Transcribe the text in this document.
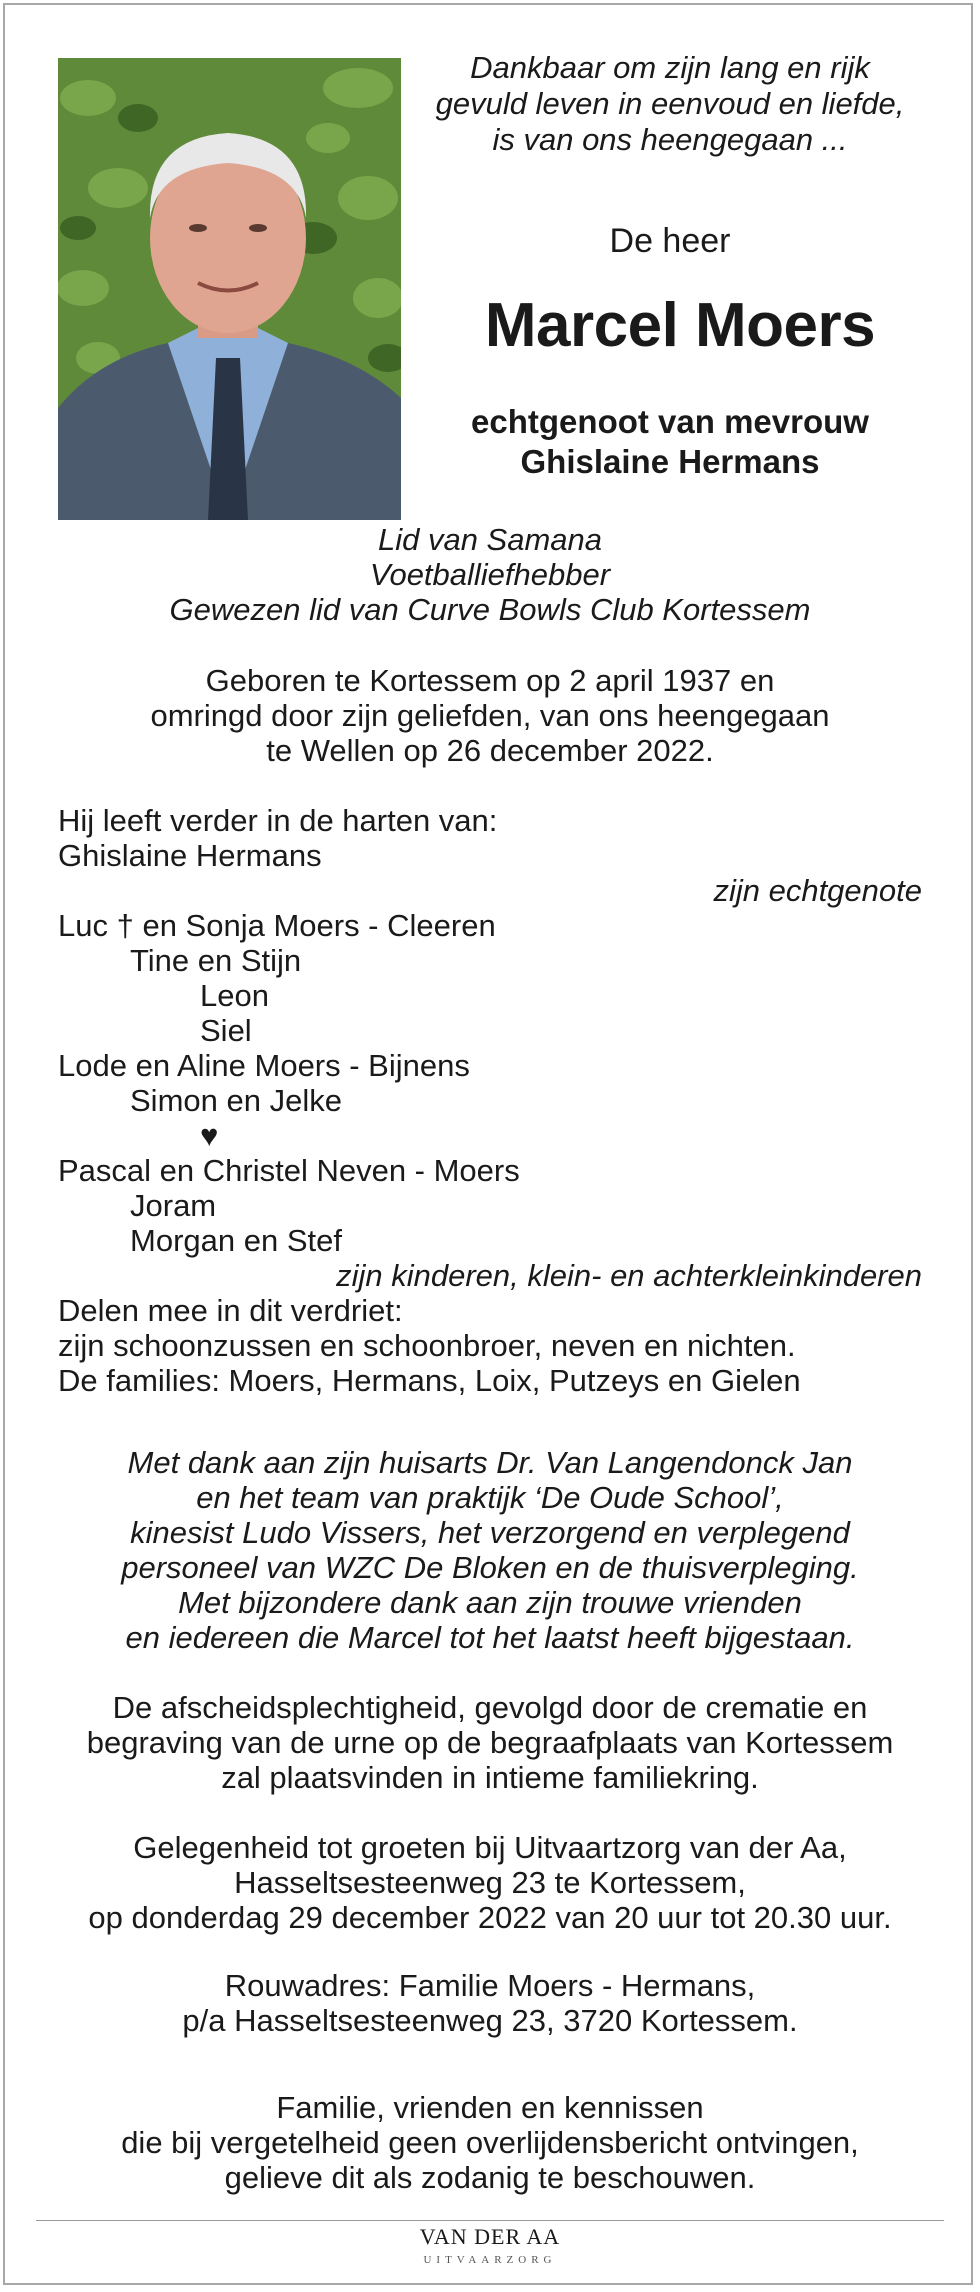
Dankbaar om zijn lang en rijk
gevuld leven in eenvoud en liefde,
is van ons heengegaan ...
De heer
Marcel Moers
echtgenoot van mevrouw
Ghislaine Hermans
Lid van Samana
Voetballiefhebber
Gewezen lid van Curve Bowls Club Kortessem
Geboren te Kortessem op 2 april 1937 en
omringd door zijn geliefden, van ons heengegaan
te Wellen op 26 december 2022.
Hij leeft verder in de harten van:
Ghislaine Hermans
zijn echtgenote
Luc † en Sonja Moers - Cleeren
Tine en Stijn
Leon
Siel
Lode en Aline Moers - Bijnens
Simon en Jelke
♥
Pascal en Christel Neven - Moers
Joram
Morgan en Stef
zijn kinderen, klein- en achterkleinkinderen
Delen mee in dit verdriet:
zijn schoonzussen en schoonbroer, neven en nichten.
De families: Moers, Hermans, Loix, Putzeys en Gielen
Met dank aan zijn huisarts Dr. Van Langendonck Jan
en het team van praktijk ‘De Oude School’,
kinesist Ludo Vissers, het verzorgend en verplegend
personeel van WZC De Bloken en de thuisverpleging.
Met bijzondere dank aan zijn trouwe vrienden
en iedereen die Marcel tot het laatst heeft bijgestaan.
De afscheidsplechtigheid, gevolgd door de crematie en
begraving van de urne op de begraafplaats van Kortessem
zal plaatsvinden in intieme familiekring.
Gelegenheid tot groeten bij Uitvaartzorg van der Aa,
Hasseltsesteenweg 23 te Kortessem,
op donderdag 29 december 2022 van 20 uur tot 20.30 uur.
Rouwadres: Familie Moers - Hermans,
p/a Hasseltsesteenweg 23, 3720 Kortessem.
Familie, vrienden en kennissen
die bij vergetelheid geen overlijdensbericht ontvingen,
gelieve dit als zodanig te beschouwen.
VAN DER AA
UITVAARZORG
